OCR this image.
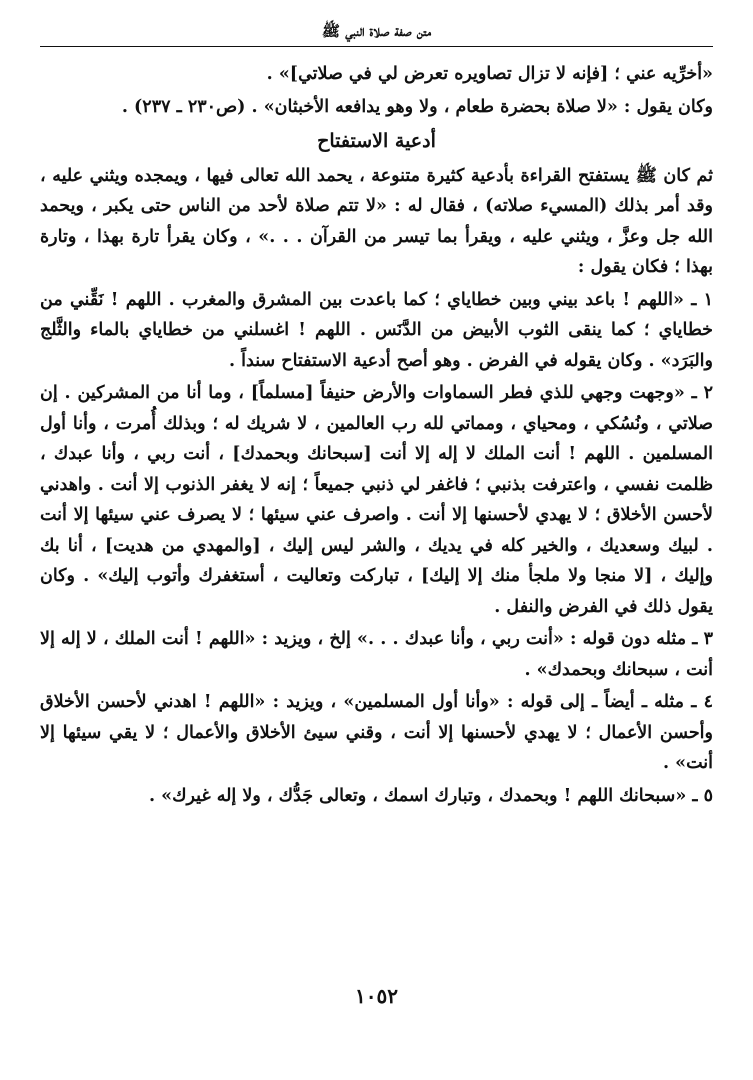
متن صفة صلاة النبي ﷺ

«أخرِّيه عني ؛ [فإنه لا تزال تصاويره تعرض لي في صلاتي]» .

وكان يقول : «لا صلاة بحضرة طعام ، ولا وهو يدافعه الأخبثان» . (ص٢٣٠ ـ ٢٣٧) .

أدعية الاستفتاح

ثم كان ﷺ يستفتح القراءة بأدعية كثيرة متنوعة ، يحمد الله تعالى فيها ، ويمجده ويثني عليه ، وقد أمر بذلك (المسيء صلاته) ، فقال له : «لا تتم صلاة لأحد من الناس حتى يكبر ، ويحمد الله جل وعزَّ ، ويثني عليه ، ويقرأ بما تيسر من القرآن . . .» ، وكان يقرأ تارة بهذا ، وتارة بهذا ؛ فكان يقول :

١ ـ «اللهم ! باعد بيني وبين خطاياي ؛ كما باعدت بين المشرق والمغرب . اللهم ! نَقِّني من خطاياي ؛ كما ينقى الثوب الأبيض من الدَّنَس . اللهم ! اغسلني من خطاياي بالماء والثَّلج والبَرَد» . وكان يقوله في الفرض . وهو أصح أدعية الاستفتاح سنداً .

٢ ـ «وجهت وجهي للذي فطر السماوات والأرض حنيفاً [مسلماً] ، وما أنا من المشركين . إن صلاتي ، ونُسُكي ، ومحياي ، ومماتي لله رب العالمين ، لا شريك له ؛ وبذلك أُمرت ، وأنا أول المسلمين . اللهم ! أنت الملك لا إله إلا أنت [سبحانك وبحمدك] ، أنت ربي ، وأنا عبدك ، ظلمت نفسي ، واعترفت بذنبي ؛ فاغفر لي ذنبي جميعاً ؛ إنه لا يغفر الذنوب إلا أنت . واهدني لأحسن الأخلاق ؛ لا يهدي لأحسنها إلا أنت . واصرف عني سيئها ؛ لا يصرف عني سيئها إلا أنت . لبيك وسعديك ، والخير كله في يديك ، والشر ليس إليك ، [والمهدي من هديت] ، أنا بك وإليك ، [لا منجا ولا ملجأ منك إلا إليك] ، تباركت وتعاليت ، أستغفرك وأتوب إليك» . وكان يقول ذلك في الفرض والنفل .

٣ ـ مثله دون قوله : «أنت ربي ، وأنا عبدك . . .» إلخ ، ويزيد : «اللهم ! أنت الملك ، لا إله إلا أنت ، سبحانك وبحمدك» .

٤ ـ مثله ـ أيضاً ـ إلى قوله : «وأنا أول المسلمين» ، ويزيد : «اللهم ! اهدني لأحسن الأخلاق وأحسن الأعمال ؛ لا يهدي لأحسنها إلا أنت ، وقني سيئ الأخلاق والأعمال ؛ لا يقي سيئها إلا أنت» .

٥ ـ «سبحانك اللهم ! وبحمدك ، وتبارك اسمك ، وتعالى جَدُّك ، ولا إله غيرك» .

١٠٥٢
